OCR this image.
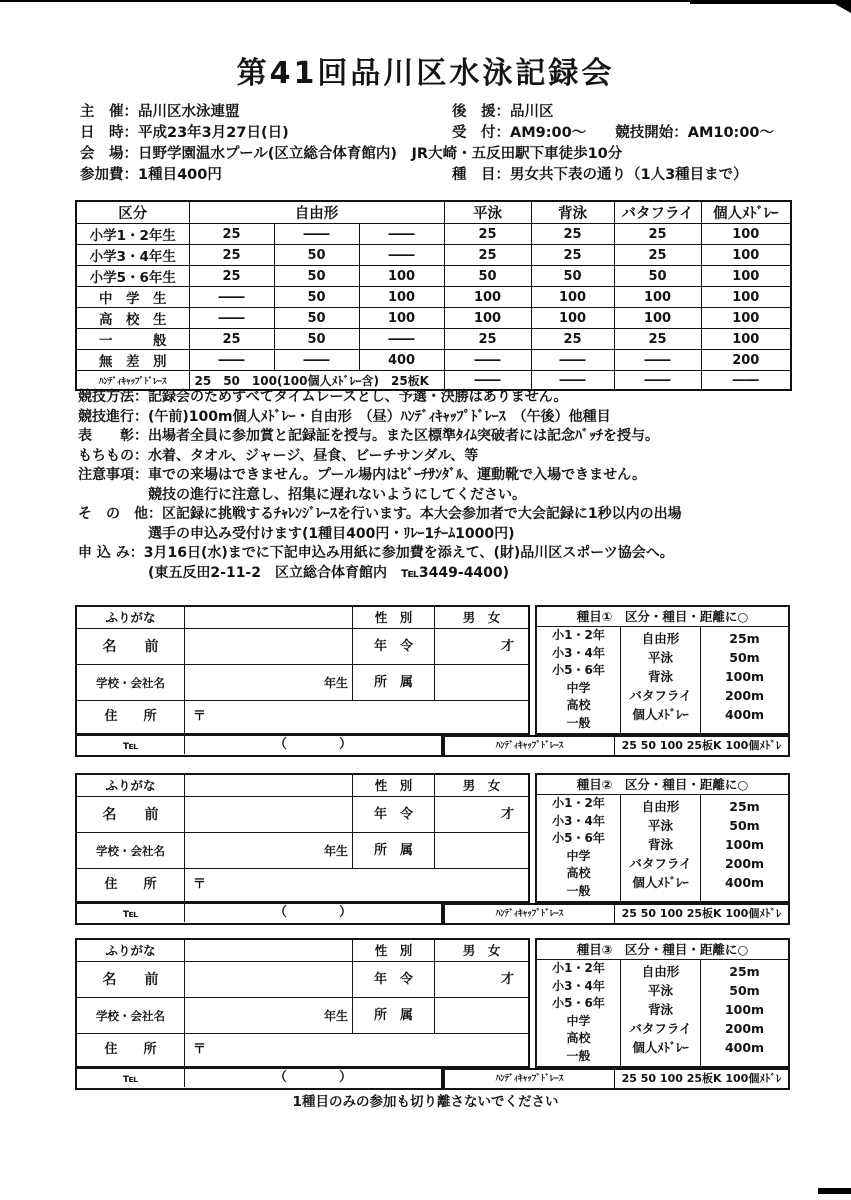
第41回品川区水泳記録会
主　催：品川区水泳連盟	後　援：品川区
日　時：平成23年3月27日(日)	受　付：AM9:00～　　競技開始：AM10:00～
会　場：日野学園温水プール(区立総合体育館内)　JR大崎・五反田駅下車徒歩10分
参加費：1種目400円	種　目：男女共下表の通り（1人3種目まで）
区分	自由形			平泳	背泳	バタフライ	個人ﾒﾄﾞﾚｰ
小学1・2年生	25	――	――	25	25	25	100
小学3・4年生	25	50	――	25	25	25	100
小学5・6年生	25	50	100	50	50	50	100
中　学　生	――	50	100	100	100	100	100
高　校　生	――	50	100	100	100	100	100
一　　　般	25	50	――	25	25	25	100
無　差　別	――	――	400	――	――	――	200
ﾊﾝﾃﾞｨｷｬｯﾌﾟﾄﾞﾚｰｽ	25　50　100(100個人ﾒﾄﾞﾚｰ含)　25板K			――	――	――	――
競技方法：記録会のためすべてタイムレースとし、予選・決勝はありません。
競技進行：(午前)100m個人ﾒﾄﾞﾚｰ・自由形　（昼）ﾊﾝﾃﾞｨｷｬｯﾌﾟﾄﾞﾚｰｽ　（午後）他種目
表　　彰：出場者全員に参加賞と記録証を授与。また区標準ﾀｲﾑ突破者には記念ﾊﾞｯﾁを授与。
もちもの：水着、タオル、ジャージ、昼食、ビーチサンダル、等
注意事項：車での来場はできません。プール場内はﾋﾞｰﾁｻﾝﾀﾞﾙ、運動靴で入場できません。
　　　　　競技の進行に注意し、招集に遅れないようにしてください。
そ　の　他：区記録に挑戦するﾁｬﾚﾝｼﾞﾚｰｽを行います。本大会参加者で大会記録に1秒以内の出場
　　　　　選手の申込み受付けます(1種目400円・ﾘﾚｰ1ﾁｰﾑ1000円)
申 込 み：3月16日(水)までに下記申込み用紙に参加費を添えて、(財)品川区スポーツ協会へ。
　　　　　(東五反田2-11-2　区立総合体育館内　℡3449-4400)
ふりがな	性　別	男　女
名　　前	年　令	才
学校・会社名	年生	所　属
住　　所	〒
℡	（　　　　）
種目①　区分・種目・距離に○
小1・2年
小3・4年
小5・6年
中学
高校
一般
自由形
平泳
背泳
バタフライ
個人ﾒﾄﾞﾚｰ
25m
50m
100m
200m
400m
ﾊﾝﾃﾞｨｷｬｯﾌﾟﾄﾞﾚｰｽ	25 50 100 25板K 100個ﾒﾄﾞﾚ
ふりがな	性　別	男　女
名　　前	年　令	才
学校・会社名	年生	所　属
住　　所	〒
℡	（　　　　）
種目②　区分・種目・距離に○
小1・2年
小3・4年
小5・6年
中学
高校
一般
自由形
平泳
背泳
バタフライ
個人ﾒﾄﾞﾚｰ
25m
50m
100m
200m
400m
ﾊﾝﾃﾞｨｷｬｯﾌﾟﾄﾞﾚｰｽ	25 50 100 25板K 100個ﾒﾄﾞﾚ
ふりがな	性　別	男　女
名　　前	年　令	才
学校・会社名	年生	所　属
住　　所	〒
℡	（　　　　）
種目③　区分・種目・距離に○
小1・2年
小3・4年
小5・6年
中学
高校
一般
自由形
平泳
背泳
バタフライ
個人ﾒﾄﾞﾚｰ
25m
50m
100m
200m
400m
ﾊﾝﾃﾞｨｷｬｯﾌﾟﾄﾞﾚｰｽ	25 50 100 25板K 100個ﾒﾄﾞﾚ
1種目のみの参加も切り離さないでください
